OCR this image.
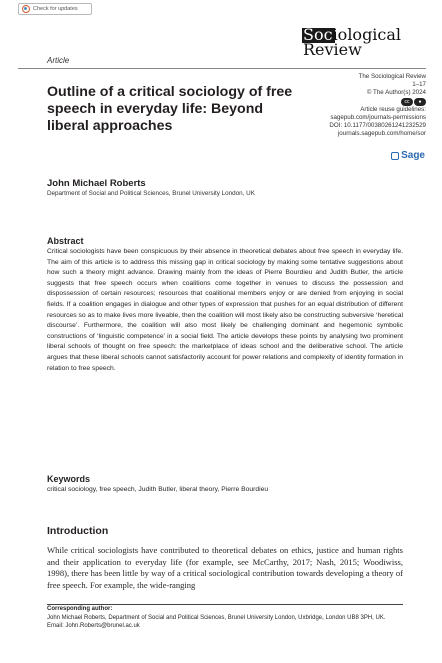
Check for updates
Sociological
Review
Article
Outline of a critical sociology of free speech in everyday life: Beyond liberal approaches
The Sociological Review
1–17
© The Author(s) 2024
cc	●
Article reuse guidelines:
sagepub.com/journals-permissions
DOI: 10.1177/00380261241232529
journals.sagepub.com/home/sor
Sage
John Michael Roberts
Department of Social and Political Sciences, Brunel University London, UK
Abstract
Critical sociologists have been conspicuous by their absence in theoretical debates about free speech in everyday life. The aim of this article is to address this missing gap in critical sociology by making some tentative suggestions about how such a theory might advance. Drawing mainly from the ideas of Pierre Bourdieu and Judith Butler, the article suggests that free speech occurs when coalitions come together in venues to discuss the possession and dispossession of certain resources; resources that coalitional members enjoy or are denied from enjoying in social fields. If a coalition engages in dialogue and other types of expression that pushes for an equal distribution of different resources so as to make lives more liveable, then the coalition will most likely also be constructing subversive ‘heretical discourse’. Furthermore, the coalition will also most likely be challenging dominant and hegemonic symbolic constructions of ‘linguistic competence’ in a social field. The article develops these points by analysing two prominent liberal schools of thought on free speech: the marketplace of ideas school and the deliberative school. The article argues that these liberal schools cannot satisfactorily account for power relations and complexity of identity formation in relation to free speech.
Keywords
critical sociology, free speech, Judith Butler, liberal theory, Pierre Bourdieu
Introduction
While critical sociologists have contributed to theoretical debates on ethics, justice and human rights and their application to everyday life (for example, see McCarthy, 2017; Nash, 2015; Woodiwiss, 1998), there has been little by way of a critical sociological contribution towards developing a theory of free speech. For example, the wide-ranging
Corresponding author:
John Michael Roberts, Department of Social and Political Sciences, Brunel University London, Uxbridge, London UB8 3PH, UK.
Email: John.Roberts@brunel.ac.uk
